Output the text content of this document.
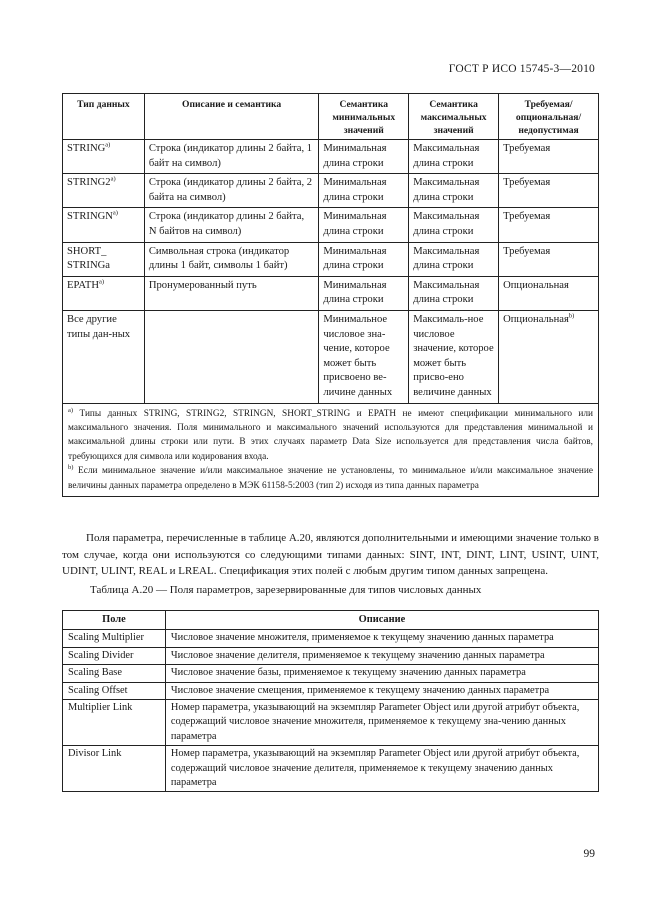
ГОСТ Р ИСО 15745-3—2010
Тип данных	Описание и семантика	Семантика минимальных значений	Семантика максимальных значений	Требуемая/ опциональная/ недопустимая
STRING$^{a)}$	Строка (индикатор длины 2 байта, 1 байт на символ)	Минимальная длина строки	Максимальная длина строки	Требуемая
STRING2$^{a)}$	Строка (индикатор длины 2 байта, 2 байта на символ)	Минимальная длина строки	Максимальная длина строки	Требуемая
STRINGN$^{a)}$	Строка (индикатор длины 2 байта, N байтов на символ)	Минимальная длина строки	Максимальная длина строки	Требуемая
SHORT_ STRINGa	Символьная строка (индикатор длины 1 байт, символы 1 байт)	Минимальная длина строки	Максимальная длина строки	Требуемая
EPATH$^{a)}$	Пронумерованный путь	Минимальная длина строки	Максимальная длина строки	Опциональная
Все другие типы дан-ных		Минимальное числовое зна-чение, которое может быть присвоено ве-личине данных	Максималь-ное числовое значение, которое может быть присво-ено величине данных	Опциональная$^{b)}$

$^{a)}$ Типы данных STRING, STRING2, STRINGN, SHORT_STRING и EPATH не имеют спецификации минимального или максимального значения. Поля минимального и максимального значений используются для представления минимальной и максимальной длины строки или пути. В этих случаях параметр Data Size используется для представления числа байтов, требующихся для символа или кодирования входа.
$^{b)}$ Если минимальное значение и/или максимальное значение не установлены, то минимальное и/или максимальное значение величины данных параметра определено в МЭК 61158-5:2003 (тип 2) исходя из типа данных параметра				

Поля параметра, перечисленные в таблице A.20, являются дополнительными и имеющими значение только в том случае, когда они используются со следующими типами данных: SINT, INT, DINT, LINT, USINT, UINT, UDINT, ULINT, REAL и LREAL. Спецификация этих полей с любым другим типом данных запрещена.

Таблица A.20 — Поля параметров, зарезервированные для типов числовых данных

Поле	Описание
Scaling Multiplier	Числовое значение множителя, применяемое к текущему значению данных параметра
Scaling Divider	Числовое значение делителя, применяемое к текущему значению данных параметра
Scaling Base	Числовое значение базы, применяемое к текущему значению данных параметра
Scaling Offset	Числовое значение смещения, применяемое к текущему значению данных параметра
Multiplier Link	Номер параметра, указывающий на экземпляр Parameter Object или другой атрибут объекта, содержащий числовое значение множителя, применяемое к текущему зна-чению данных параметра
Divisor Link	Номер параметра, указывающий на экземпляр Parameter Object или другой атрибут объекта, содержащий числовое значение делителя, применяемое к текущему значению данных параметра
99
